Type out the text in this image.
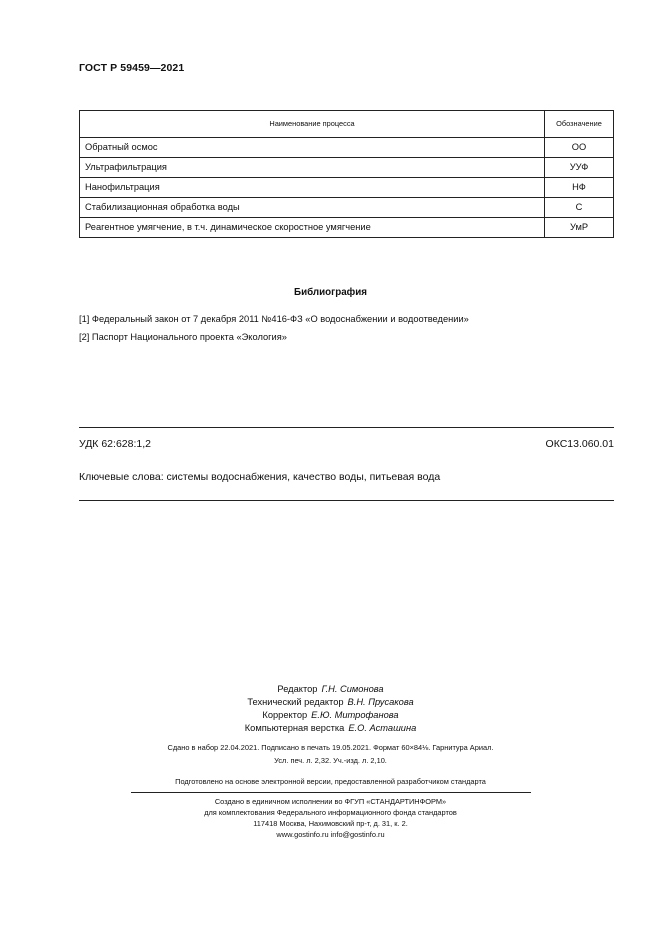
ГОСТ Р 59459—2021
Наименование процесса	Обозначение
Обратный осмос	ОО
Ультрафильтрация	УУФ
Нанофильтрация	НФ
Стабилизационная обработка воды	С
Реагентное умягчение, в т.ч. динамическое скоростное умягчение	УмР
Библиография
[1] Федеральный закон от 7 декабря 2011 №416-ФЗ «О водоснабжении и водоотведении»
[2] Паспорт Национального проекта «Экология»
УДК 62:628:1,2	ОКС13.060.01
Ключевые слова: системы водоснабжения, качество воды, питьевая вода
Редактор Г.Н. Симонова
Технический редактор В.Н. Прусакова
Корректор Е.Ю. Митрофанова
Компьютерная верстка Е.О. Асташина
Сдано в набор 22.04.2021. Подписано в печать 19.05.2021. Формат 60×84⅛. Гарнитура Ариал.
Усл. печ. л. 2,32. Уч.-изд. л. 2,10.
Подготовлено на основе электронной версии, предоставленной разработчиком стандарта
Создано в единичном исполнении во ФГУП «СТАНДАРТИНФОРМ»
для комплектования Федерального информационного фонда стандартов
117418 Москва, Нахимовский пр-т, д. 31, к. 2.
www.gostinfo.ru info@gostinfo.ru
